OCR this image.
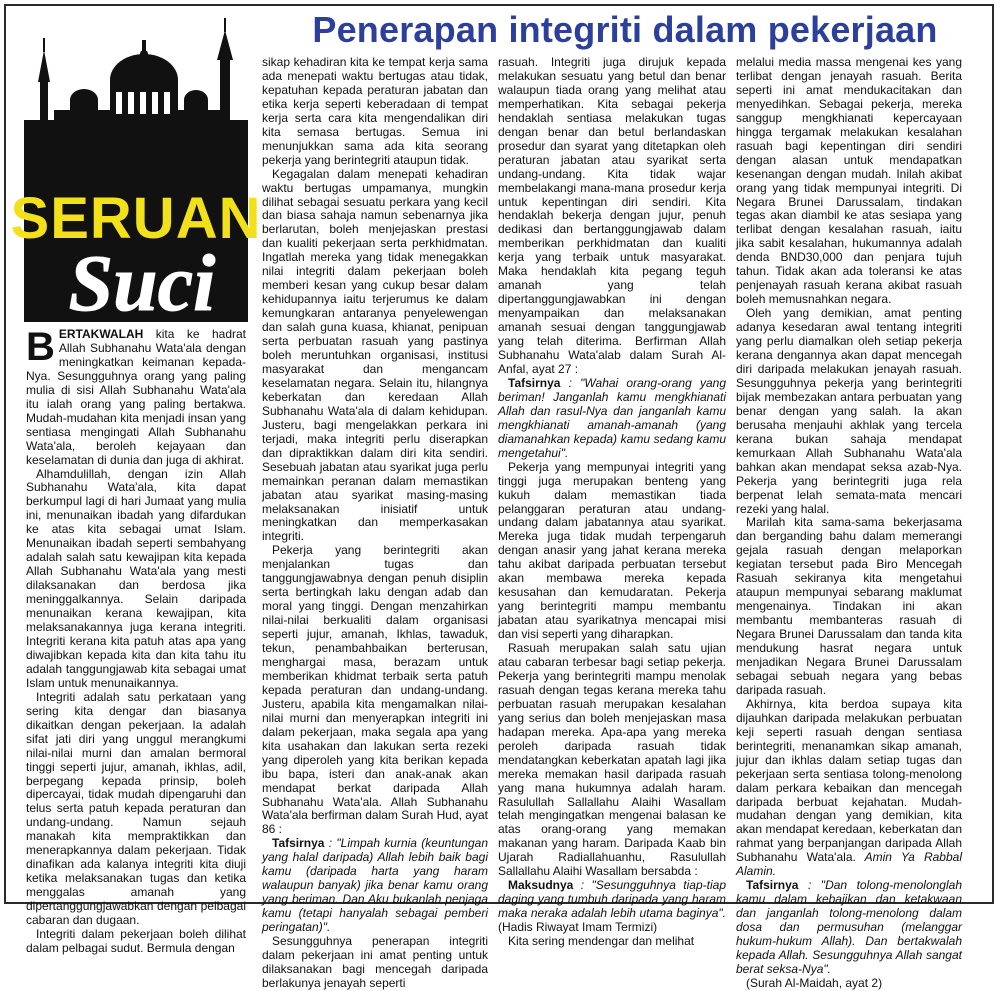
SERUAN
Suci
Penerapan integriti dalam pekerjaan

BERTAKWALAH kita ke hadrat Allah Subhanahu Wata'ala dengan meningkatkan keimanan kepada-Nya. Sesungguhnya orang yang paling mulia di sisi Allah Subhanahu Wata'ala itu ialah orang yang paling bertakwa. Mudah-mudahan kita menjadi insan yang sentiasa mengingati Allah Subhanahu Wata'ala, beroleh kejayaan dan keselamatan di dunia dan juga di akhirat.

Alhamdulillah, dengan izin Allah Subhanahu Wata'ala, kita dapat berkumpul lagi di hari Jumaat yang mulia ini, menunaikan ibadah yang difardukan ke atas kita sebagai umat Islam. Menunaikan ibadah seperti sembahyang adalah salah satu kewajipan kita kepada Allah Subhanahu Wata'ala yang mesti dilaksanakan dan berdosa jika meninggalkannya. Selain daripada menunaikan kerana kewajipan, kita melaksanakannya juga kerana integriti. Integriti kerana kita patuh atas apa yang diwajibkan kepada kita dan kita tahu itu adalah tanggungjawab kita sebagai umat Islam untuk menunaikannya.

Integriti adalah satu perkataan yang sering kita dengar dan biasanya dikaitkan dengan pekerjaan. Ia adalah sifat jati diri yang unggul merangkumi nilai-nilai murni dan amalan bermoral tinggi seperti jujur, amanah, ikhlas, adil, berpegang kepada prinsip, boleh dipercayai, tidak mudah dipengaruhi dan telus serta patuh kepada peraturan dan undang-undang. Namun sejauh manakah kita mempraktikkan dan menerapkannya dalam pekerjaan. Tidak dinafikan ada kalanya integriti kita diuji ketika melaksanakan tugas dan ketika menggalas amanah yang dipertanggungjawabkan dengan pelbagai cabaran dan dugaan.

Integriti dalam pekerjaan boleh dilihat dalam pelbagai sudut. Bermula dengan

sikap kehadiran kita ke tempat kerja sama ada menepati waktu bertugas atau tidak, kepatuhan kepada peraturan jabatan dan etika kerja seperti keberadaan di tempat kerja serta cara kita mengendalikan diri kita semasa bertugas. Semua ini menunjukkan sama ada kita seorang pekerja yang berintegriti ataupun tidak.

Kegagalan dalam menepati kehadiran waktu bertugas umpamanya, mungkin dilihat sebagai sesuatu perkara yang kecil dan biasa sahaja namun sebenarnya jika berlarutan, boleh menjejaskan prestasi dan kualiti pekerjaan serta perkhidmatan. Ingatlah mereka yang tidak menegakkan nilai integriti dalam pekerjaan boleh memberi kesan yang cukup besar dalam kehidupannya iaitu terjerumus ke dalam kemungkaran antaranya penyelewengan dan salah guna kuasa, khianat, penipuan serta perbuatan rasuah yang pastinya boleh meruntuhkan organisasi, institusi masyarakat dan mengancam keselamatan negara. Selain itu, hilangnya keberkatan dan keredaan Allah Subhanahu Wata'ala di dalam kehidupan. Justeru, bagi mengelakkan perkara ini terjadi, maka integriti perlu diserapkan dan dipraktikkan dalam diri kita sendiri. Sesebuah jabatan atau syarikat juga perlu memainkan peranan dalam memastikan jabatan atau syarikat masing-masing melaksanakan inisiatif untuk meningkatkan dan memperkasakan integriti.

Pekerja yang berintegriti akan menjalankan tugas dan tanggungjawabnya dengan penuh disiplin serta bertingkah laku dengan adab dan moral yang tinggi. Dengan menzahirkan nilai-nilai berkualiti dalam organisasi seperti jujur, amanah, Ikhlas, tawaduk, tekun, penambahbaikan berterusan, menghargai masa, berazam untuk memberikan khidmat terbaik serta patuh kepada peraturan dan undang-undang. Justeru, apabila kita mengamalkan nilai-nilai murni dan menyerapkan integriti ini dalam pekerjaan, maka segala apa yang kita usahakan dan lakukan serta rezeki yang diperoleh yang kita berikan kepada ibu bapa, isteri dan anak-anak akan mendapat berkat daripada Allah Subhanahu Wata'ala. Allah Subhanahu Wata'ala berfirman dalam Surah Hud, ayat 86 :

Tafsirnya : "Limpah kurnia (keuntungan yang halal daripada) Allah lebih baik bagi kamu (daripada harta yang haram walaupun banyak) jika benar kamu orang yang beriman. Dan Aku bukanlah penjaga kamu (tetapi hanyalah sebagai pemberi peringatan)".

Sesungguhnya penerapan integriti dalam pekerjaan ini amat penting untuk dilaksanakan bagi mencegah daripada berlakunya jenayah seperti

rasuah. Integriti juga dirujuk kepada melakukan sesuatu yang betul dan benar walaupun tiada orang yang melihat atau memperhatikan. Kita sebagai pekerja hendaklah sentiasa melakukan tugas dengan benar dan betul berlandaskan prosedur dan syarat yang ditetapkan oleh peraturan jabatan atau syarikat serta undang-undang. Kita tidak wajar membelakangi mana-mana prosedur kerja untuk kepentingan diri sendiri. Kita hendaklah bekerja dengan jujur, penuh dedikasi dan bertanggungjawab dalam memberikan perkhidmatan dan kualiti kerja yang terbaik untuk masyarakat. Maka hendaklah kita pegang teguh amanah yang telah dipertanggungjawabkan ini dengan menyampaikan dan melaksanakan amanah sesuai dengan tanggungjawab yang telah diterima. Berfirman Allah Subhanahu Wata'alab dalam Surah Al-Anfal, ayat 27 :

Tafsirnya : "Wahai orang-orang yang beriman! Janganlah kamu mengkhianati Allah dan rasul-Nya dan janganlah kamu mengkhianati amanah-amanah (yang diamanahkan kepada) kamu sedang kamu mengetahui".

Pekerja yang mempunyai integriti yang tinggi juga merupakan benteng yang kukuh dalam memastikan tiada pelanggaran peraturan atau undang-undang dalam jabatannya atau syarikat. Mereka juga tidak mudah terpengaruh dengan anasir yang jahat kerana mereka tahu akibat daripada perbuatan tersebut akan membawa mereka kepada kesusahan dan kemudaratan. Pekerja yang berintegriti mampu membantu jabatan atau syarikatnya mencapai misi dan visi seperti yang diharapkan.

Rasuah merupakan salah satu ujian atau cabaran terbesar bagi setiap pekerja. Pekerja yang berintegriti mampu menolak rasuah dengan tegas kerana mereka tahu perbuatan rasuah merupakan kesalahan yang serius dan boleh menjejaskan masa hadapan mereka. Apa-apa yang mereka peroleh daripada rasuah tidak mendatangkan keberkatan apatah lagi jika mereka memakan hasil daripada rasuah yang mana hukumnya adalah haram. Rasulullah Sallallahu Alaihi Wasallam telah mengingatkan mengenai balasan ke atas orang-orang yang memakan makanan yang haram. Daripada Kaab bin Ujarah Radiallahuanhu, Rasulullah Sallallahu Alaihi Wasallam bersabda :

Maksudnya : "Sesungguhnya tiap-tiap daging yang tumbuh daripada yang haram maka neraka adalah lebih utama baginya". (Hadis Riwayat Imam Termizi)

Kita sering mendengar dan melihat

melalui media massa mengenai kes yang terlibat dengan jenayah rasuah. Berita seperti ini amat mendukacitakan dan menyedihkan. Sebagai pekerja, mereka sanggup mengkhianati kepercayaan hingga tergamak melakukan kesalahan rasuah bagi kepentingan diri sendiri dengan alasan untuk mendapatkan kesenangan dengan mudah. Inilah akibat orang yang tidak mempunyai integriti. Di Negara Brunei Darussalam, tindakan tegas akan diambil ke atas sesiapa yang terlibat dengan kesalahan rasuah, iaitu jika sabit kesalahan, hukumannya adalah denda BND30,000 dan penjara tujuh tahun. Tidak akan ada toleransi ke atas penjenayah rasuah kerana akibat rasuah boleh memusnahkan negara.

Oleh yang demikian, amat penting adanya kesedaran awal tentang integriti yang perlu diamalkan oleh setiap pekerja kerana dengannya akan dapat mencegah diri daripada melakukan jenayah rasuah. Sesungguhnya pekerja yang berintegriti bijak membezakan antara perbuatan yang benar dengan yang salah. Ia akan berusaha menjauhi akhlak yang tercela kerana bukan sahaja mendapat kemurkaan Allah Subhanahu Wata'ala bahkan akan mendapat seksa azab-Nya. Pekerja yang berintegriti juga rela berpenat lelah semata-mata mencari rezeki yang halal.

Marilah kita sama-sama bekerjasama dan berganding bahu dalam memerangi gejala rasuah dengan melaporkan kegiatan tersebut pada Biro Mencegah Rasuah sekiranya kita mengetahui ataupun mempunyai sebarang maklumat mengenainya. Tindakan ini akan membantu membanteras rasuah di Negara Brunei Darussalam dan tanda kita mendukung hasrat negara untuk menjadikan Negara Brunei Darussalam sebagai sebuah negara yang bebas daripada rasuah.

Akhirnya, kita berdoa supaya kita dijauhkan daripada melakukan perbuatan keji seperti rasuah dengan sentiasa berintegriti, menanamkan sikap amanah, jujur dan ikhlas dalam setiap tugas dan pekerjaan serta sentiasa tolong-menolong dalam perkara kebaikan dan mencegah daripada berbuat kejahatan. Mudah-mudahan dengan yang demikian, kita akan mendapat keredaan, keberkatan dan rahmat yang berpanjangan daripada Allah Subhanahu Wata'ala. Amin Ya Rabbal Alamin.

Tafsirnya : "Dan tolong-menolonglah kamu dalam kebajikan dan ketakwaan dan janganlah tolong-menolong dalam dosa dan permusuhan (melanggar hukum-hukum Allah). Dan bertakwalah kepada Allah. Sesungguhnya Allah sangat berat seksa-Nya".

(Surah Al-Maidah, ayat 2)
